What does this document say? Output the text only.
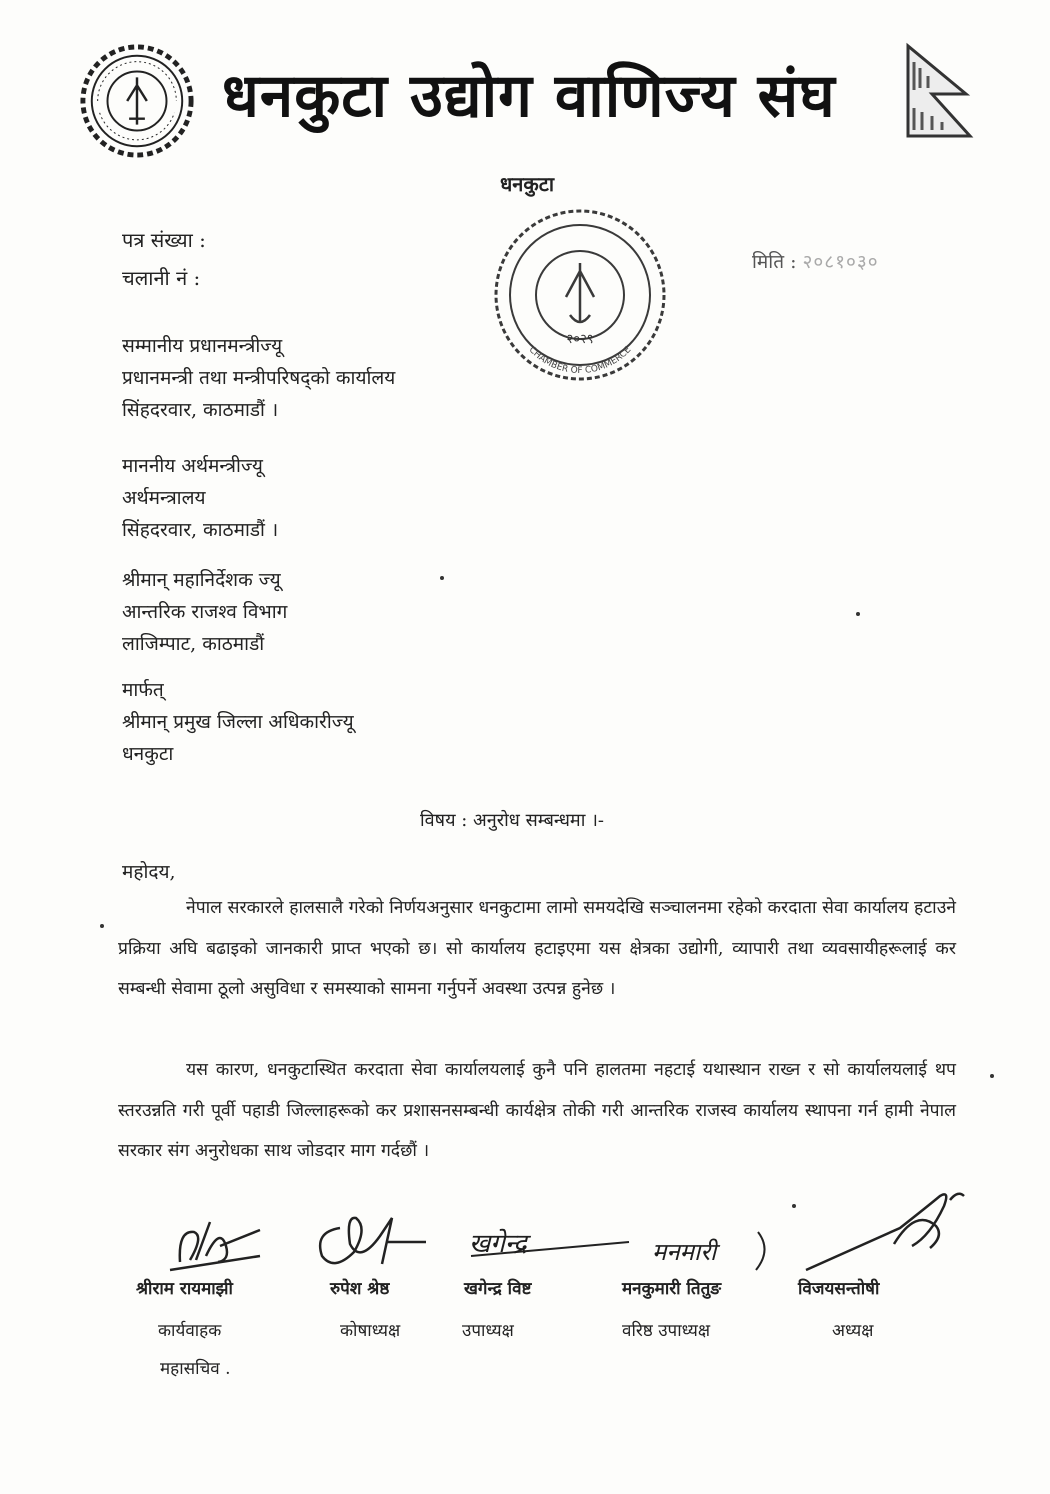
धनकुटा उद्योग वाणिज्य संघ
धनकुटा
२०२९
CHAMBER OF COMMERCE
पत्र संख्या :
चलानी नं :
मिति : २०८१०३०
सम्मानीय प्रधानमन्त्रीज्यू
प्रधानमन्त्री तथा मन्त्रीपरिषद्को कार्यालय
सिंहदरवार, काठमाडौं ।
माननीय अर्थमन्त्रीज्यू
अर्थमन्त्रालय
सिंहदरवार, काठमाडौं ।
श्रीमान् महानिर्देशक ज्यू
आन्तरिक राजश्व विभाग
लाजिम्पाट, काठमाडौं
मार्फत्
श्रीमान् प्रमुख जिल्ला अधिकारीज्यू
धनकुटा
विषय : अनुरोध सम्बन्धमा ।-
महोदय,
नेपाल सरकारले हालसालै गरेको निर्णयअनुसार धनकुटामा लामो समयदेखि सञ्चालनमा रहेको करदाता सेवा कार्यालय हटाउने प्रक्रिया अघि बढाइको जानकारी प्राप्त भएको छ। सो कार्यालय हटाइएमा यस क्षेत्रका उद्योगी, व्यापारी तथा व्यवसायीहरूलाई कर सम्बन्धी सेवामा ठूलो असुविधा र समस्याको सामना गर्नुपर्ने अवस्था उत्पन्न हुनेछ ।
यस कारण, धनकुटास्थित करदाता सेवा कार्यालयलाई कुनै पनि हालतमा नहटाई यथास्थान राख्न र सो कार्यालयलाई थप स्तरउन्नति गरी पूर्वी पहाडी जिल्लाहरूको कर प्रशासनसम्बन्धी कार्यक्षेत्र तोकी गरी आन्तरिक राजस्व कार्यालय स्थापना गर्न हामी नेपाल सरकार संग अनुरोधका साथ जोडदार माग गर्दछौं ।
खगेन्द्र	मनमारी
श्रीराम रायमाझी
कार्यवाहक
महासचिव .
रुपेश श्रेष्ठ
कोषाध्यक्ष
खगेन्द्र विष्ट
उपाध्यक्ष
मनकुमारी तितुङ
वरिष्ठ उपाध्यक्ष
विजयसन्तोषी
अध्यक्ष
